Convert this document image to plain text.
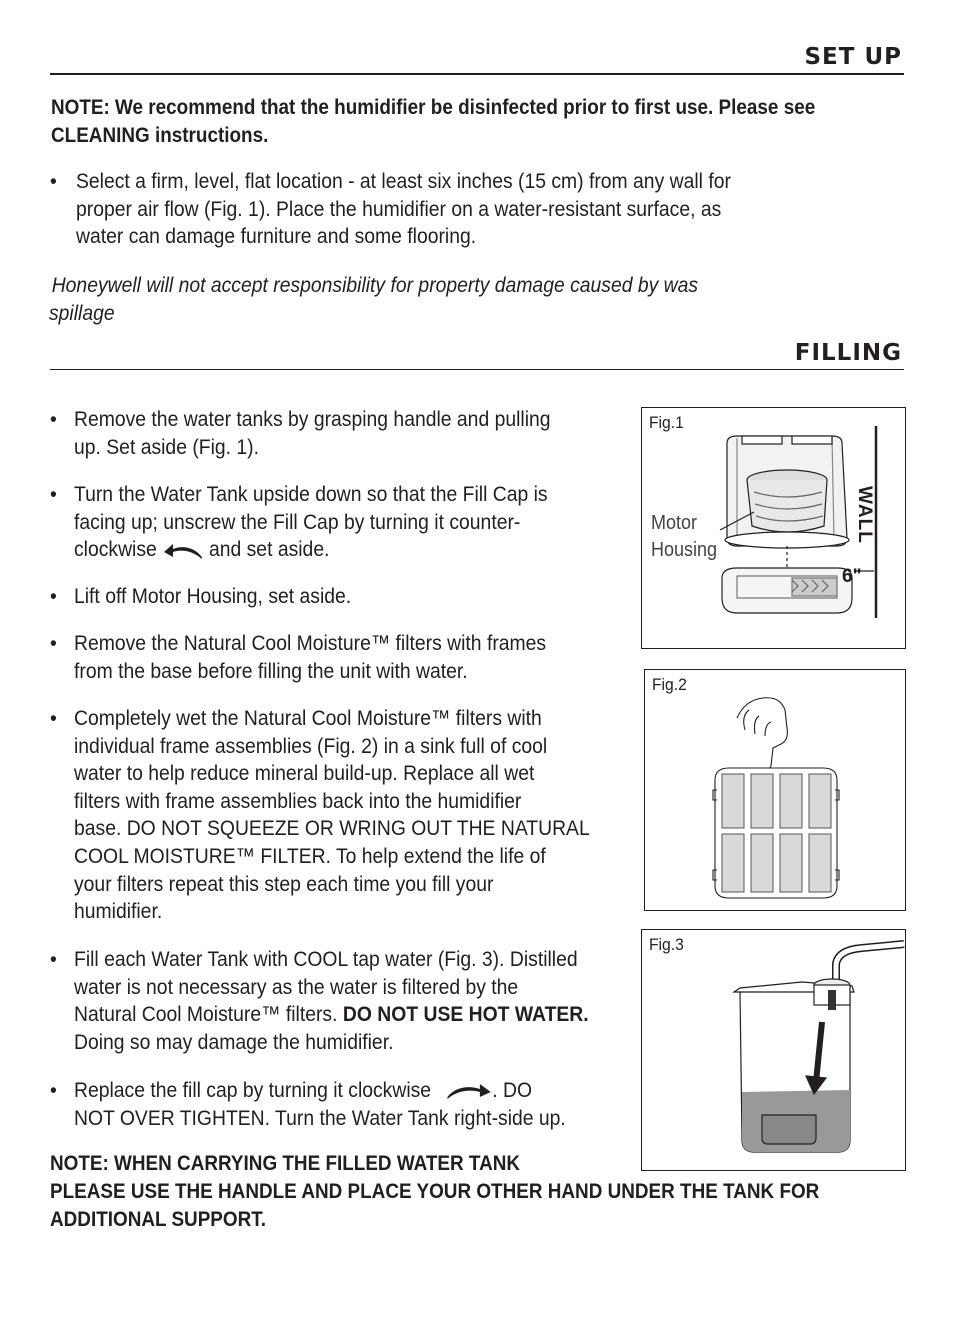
SET UP
NOTE: We recommend that the humidifier be disinfected prior to first use. Please see CLEANING instructions.
• Select a firm, level, flat location - at least six inches (15 cm) from any wall for
proper air flow (Fig. 1). Place the humidifier on a water-resistant surface, as
water can damage furniture and some flooring.
Honeywell will not accept responsibility for property damage caused by was
spillage
FILLING
• Remove the water tanks by grasping handle and pulling
up. Set aside (Fig. 1).
• Turn the Water Tank upside down so that the Fill Cap is
facing up; unscrew the Fill Cap by turning it counter-
clockwise and set aside.
• Lift off Motor Housing, set aside.
• Remove the Natural Cool Moisture™ filters with frames
from the base before filling the unit with water.
• Completely wet the Natural Cool Moisture™ filters with
individual frame assemblies (Fig. 2) in a sink full of cool
water to help reduce mineral build-up. Replace all wet
filters with frame assemblies back into the humidifier
base. DO NOT SQUEEZE OR WRING OUT THE NATURAL
COOL MOISTURE™ FILTER. To help extend the life of
your filters repeat this step each time you fill your
humidifier.
• Fill each Water Tank with COOL tap water (Fig. 3). Distilled
water is not necessary as the water is filtered by the
Natural Cool Moisture™ filters. DO NOT USE HOT WATER.
Doing so may damage the humidifier.
• Replace the fill cap by turning it clockwise	. DO
NOT OVER TIGHTEN. Turn the Water Tank right-side up.
NOTE: WHEN CARRYING THE FILLED WATER TANK
PLEASE USE THE HANDLE AND PLACE YOUR OTHER HAND UNDER THE TANK FOR
ADDITIONAL SUPPORT.
Fig.1
Motor
Housing
WALL
6"
Fig.2
Fig.3
